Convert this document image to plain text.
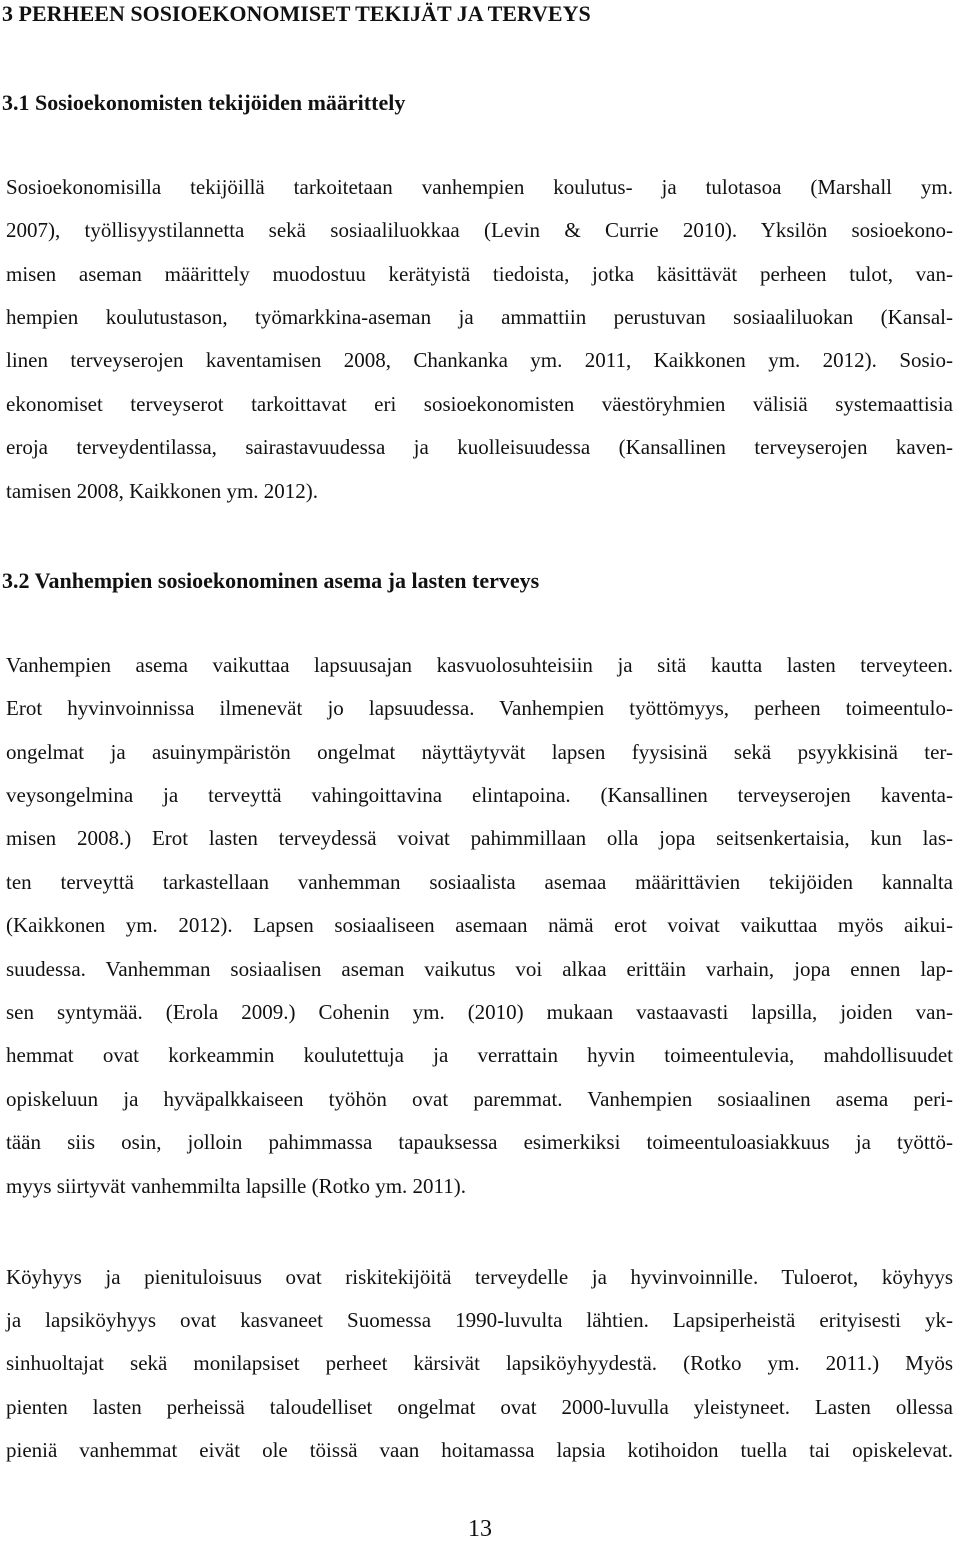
3 PERHEEN SOSIOEKONOMISET TEKIJÄT JA TERVEYS
3.1 Sosioekonomisten tekijöiden määrittely
Sosioekonomisilla tekijöillä tarkoitetaan vanhempien koulutus- ja tulotasoa (Marshall ym.
2007), työllisyystilannetta sekä sosiaaliluokkaa (Levin & Currie 2010). Yksilön sosioekono-
misen aseman määrittely muodostuu kerätyistä tiedoista, jotka käsittävät perheen tulot, van-
hempien koulutustason, työmarkkina-aseman ja ammattiin perustuvan sosiaaliluokan (Kansal-
linen terveyserojen kaventamisen 2008, Chankanka ym. 2011, Kaikkonen ym. 2012). Sosio-
ekonomiset terveyserot tarkoittavat eri sosioekonomisten väestöryhmien välisiä systemaattisia
eroja terveydentilassa, sairastavuudessa ja kuolleisuudessa (Kansallinen terveyserojen kaven-
tamisen 2008, Kaikkonen ym. 2012).
3.2 Vanhempien sosioekonominen asema ja lasten terveys
Vanhempien asema vaikuttaa lapsuusajan kasvuolosuhteisiin ja sitä kautta lasten terveyteen.
Erot hyvinvoinnissa ilmenevät jo lapsuudessa. Vanhempien työttömyys, perheen toimeentulo-
ongelmat ja asuinympäristön ongelmat näyttäytyvät lapsen fyysisinä sekä psyykkisinä ter-
veysongelmina ja terveyttä vahingoittavina elintapoina. (Kansallinen terveyserojen kaventa-
misen 2008.) Erot lasten terveydessä voivat pahimmillaan olla jopa seitsenkertaisia, kun las-
ten terveyttä tarkastellaan vanhemman sosiaalista asemaa määrittävien tekijöiden kannalta
(Kaikkonen ym. 2012). Lapsen sosiaaliseen asemaan nämä erot voivat vaikuttaa myös aikui-
suudessa. Vanhemman sosiaalisen aseman vaikutus voi alkaa erittäin varhain, jopa ennen lap-
sen syntymää. (Erola 2009.) Cohenin ym. (2010) mukaan vastaavasti lapsilla, joiden van-
hemmat ovat korkeammin koulutettuja ja verrattain hyvin toimeentulevia, mahdollisuudet
opiskeluun ja hyväpalkkaiseen työhön ovat paremmat. Vanhempien sosiaalinen asema peri-
tään siis osin, jolloin pahimmassa tapauksessa esimerkiksi toimeentuloasiakkuus ja työttö-
myys siirtyvät vanhemmilta lapsille (Rotko ym. 2011).
Köyhyys ja pienituloisuus ovat riskitekijöitä terveydelle ja hyvinvoinnille. Tuloerot, köyhyys
ja lapsiköyhyys ovat kasvaneet Suomessa 1990-luvulta lähtien. Lapsiperheistä erityisesti yk-
sinhuoltajat sekä monilapsiset perheet kärsivät lapsiköyhyydestä. (Rotko ym. 2011.) Myös
pienten lasten perheissä taloudelliset ongelmat ovat 2000-luvulla yleistyneet. Lasten ollessa
pieniä vanhemmat eivät ole töissä vaan hoitamassa lapsia kotihoidon tuella tai opiskelevat.
13
